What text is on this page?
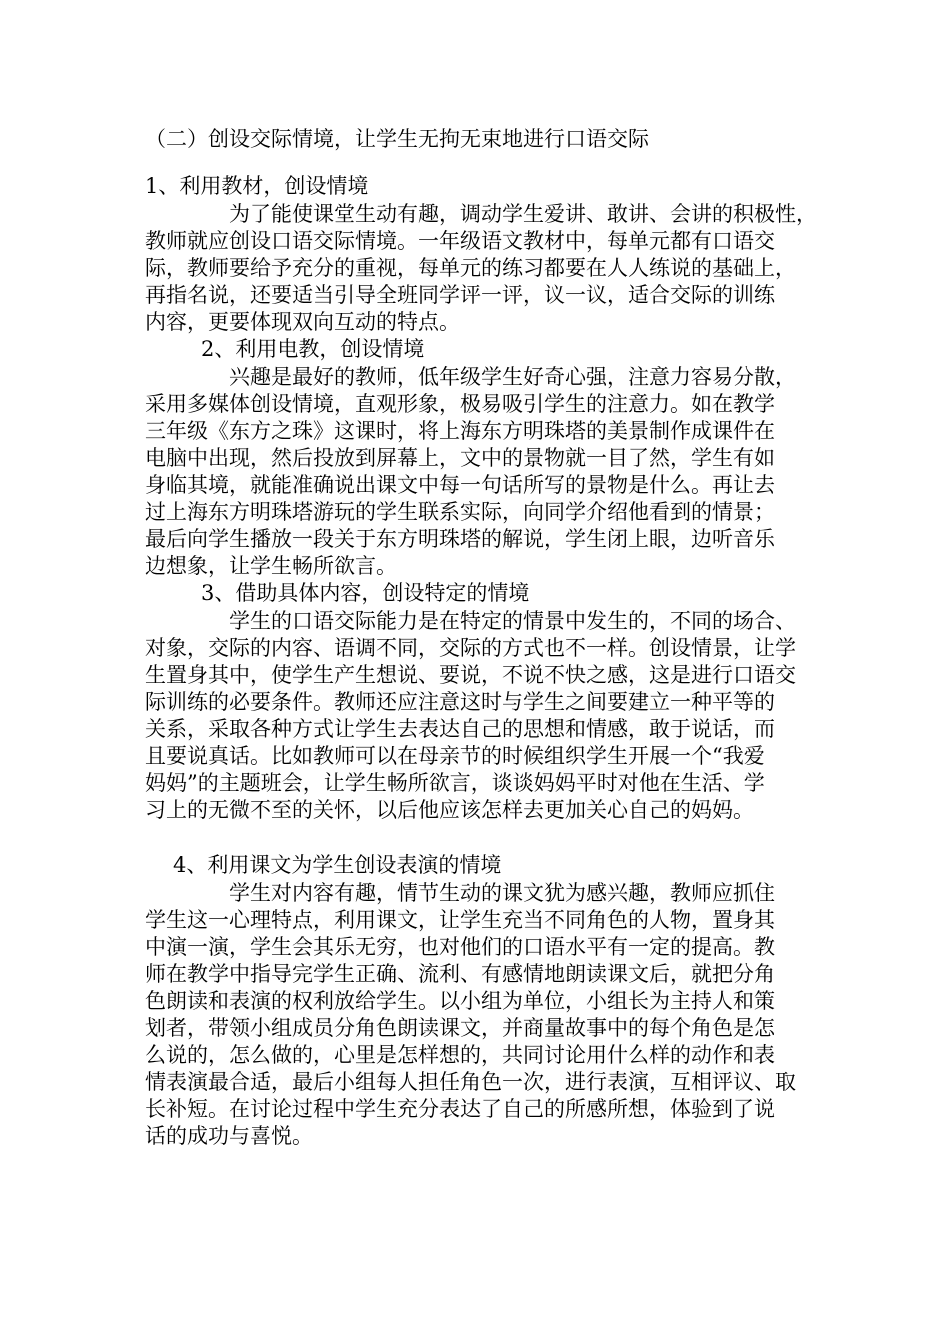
（二）创设交际情境，让学生无拘无束地进行口语交际
1、利用教材，创设情境
为了能使课堂生动有趣，调动学生爱讲、敢讲、会讲的积极性，
教师就应创设口语交际情境。一年级语文教材中，每单元都有口语交
际，教师要给予充分的重视，每单元的练习都要在人人练说的基础上，
再指名说，还要适当引导全班同学评一评，议一议，适合交际的训练
内容，更要体现双向互动的特点。
2、利用电教，创设情境
兴趣是最好的教师，低年级学生好奇心强，注意力容易分散，
采用多媒体创设情境，直观形象，极易吸引学生的注意力。如在教学
三年级《东方之珠》这课时，将上海东方明珠塔的美景制作成课件在
电脑中出现，然后投放到屏幕上，文中的景物就一目了然，学生有如
身临其境，就能准确说出课文中每一句话所写的景物是什么。再让去
过上海东方明珠塔游玩的学生联系实际，向同学介绍他看到的情景；
最后向学生播放一段关于东方明珠塔的解说，学生闭上眼，边听音乐
边想象，让学生畅所欲言。
3、借助具体内容，创设特定的情境
学生的口语交际能力是在特定的情景中发生的，不同的场合、
对象，交际的内容、语调不同，交际的方式也不一样。创设情景，让学
生置身其中，使学生产生想说、要说，不说不快之感，这是进行口语交
际训练的必要条件。教师还应注意这时与学生之间要建立一种平等的
关系，采取各种方式让学生去表达自己的思想和情感，敢于说话，而
且要说真话。比如教师可以在母亲节的时候组织学生开展一个“我爱
妈妈”的主题班会，让学生畅所欲言，谈谈妈妈平时对他在生活、学
习上的无微不至的关怀，以后他应该怎样去更加关心自己的妈妈。
4、利用课文为学生创设表演的情境
学生对内容有趣，情节生动的课文犹为感兴趣，教师应抓住
学生这一心理特点，利用课文，让学生充当不同角色的人物，置身其
中演一演，学生会其乐无穷，也对他们的口语水平有一定的提高。教
师在教学中指导完学生正确、流利、有感情地朗读课文后，就把分角
色朗读和表演的权利放给学生。以小组为单位，小组长为主持人和策
划者，带领小组成员分角色朗读课文，并商量故事中的每个角色是怎
么说的，怎么做的，心里是怎样想的，共同讨论用什么样的动作和表
情表演最合适，最后小组每人担任角色一次，进行表演，互相评议、取
长补短。在讨论过程中学生充分表达了自己的所感所想，体验到了说
话的成功与喜悦。
